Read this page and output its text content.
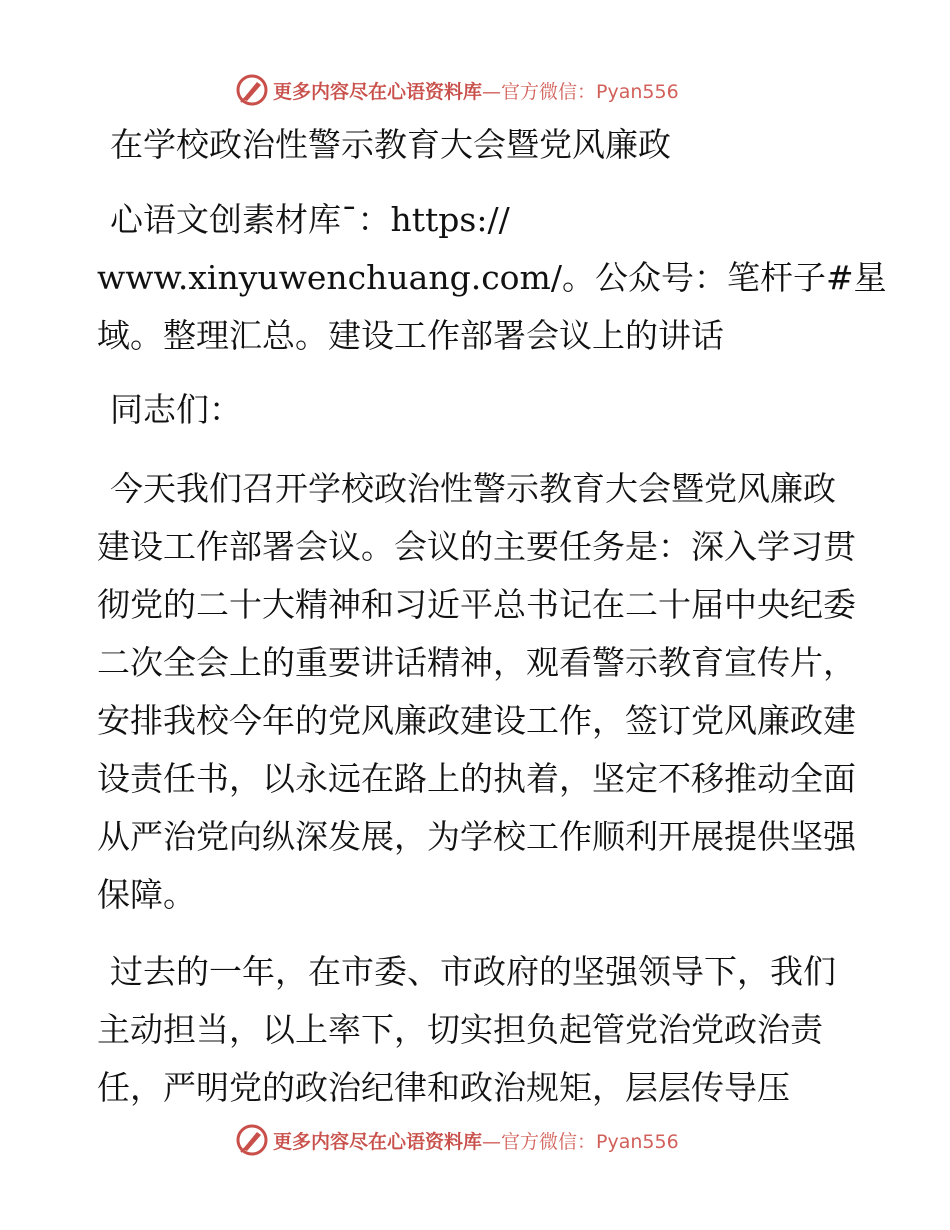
更多内容尽在心语资料库—官方微信：Pyan556
在学校政治性警示教育大会暨党风廉政
心语文创素材库¯：https://
www.xinyuwenchuang.com/。公众号：笔杆子#星
域。整理汇总。建设工作部署会议上的讲话
同志们：
今天我们召开学校政治性警示教育大会暨党风廉政建设工作部署会议。会议的主要任务是：深入学习贯彻党的二十大精神和习近平总书记在二十届中央纪委二次全会上的重要讲话精神，观看警示教育宣传片，安排我校今年的党风廉政建设工作，签订党风廉政建设责任书，以永远在路上的执着，坚定不移推动全面从严治党向纵深发展，为学校工作顺利开展提供坚强保障。
过去的一年，在市委、市政府的坚强领导下，我们主动担当，以上率下，切实担负起管党治党政治责任，严明党的政治纪律和政治规矩，层层传导压
更多内容尽在心语资料库—官方微信：Pyan556
